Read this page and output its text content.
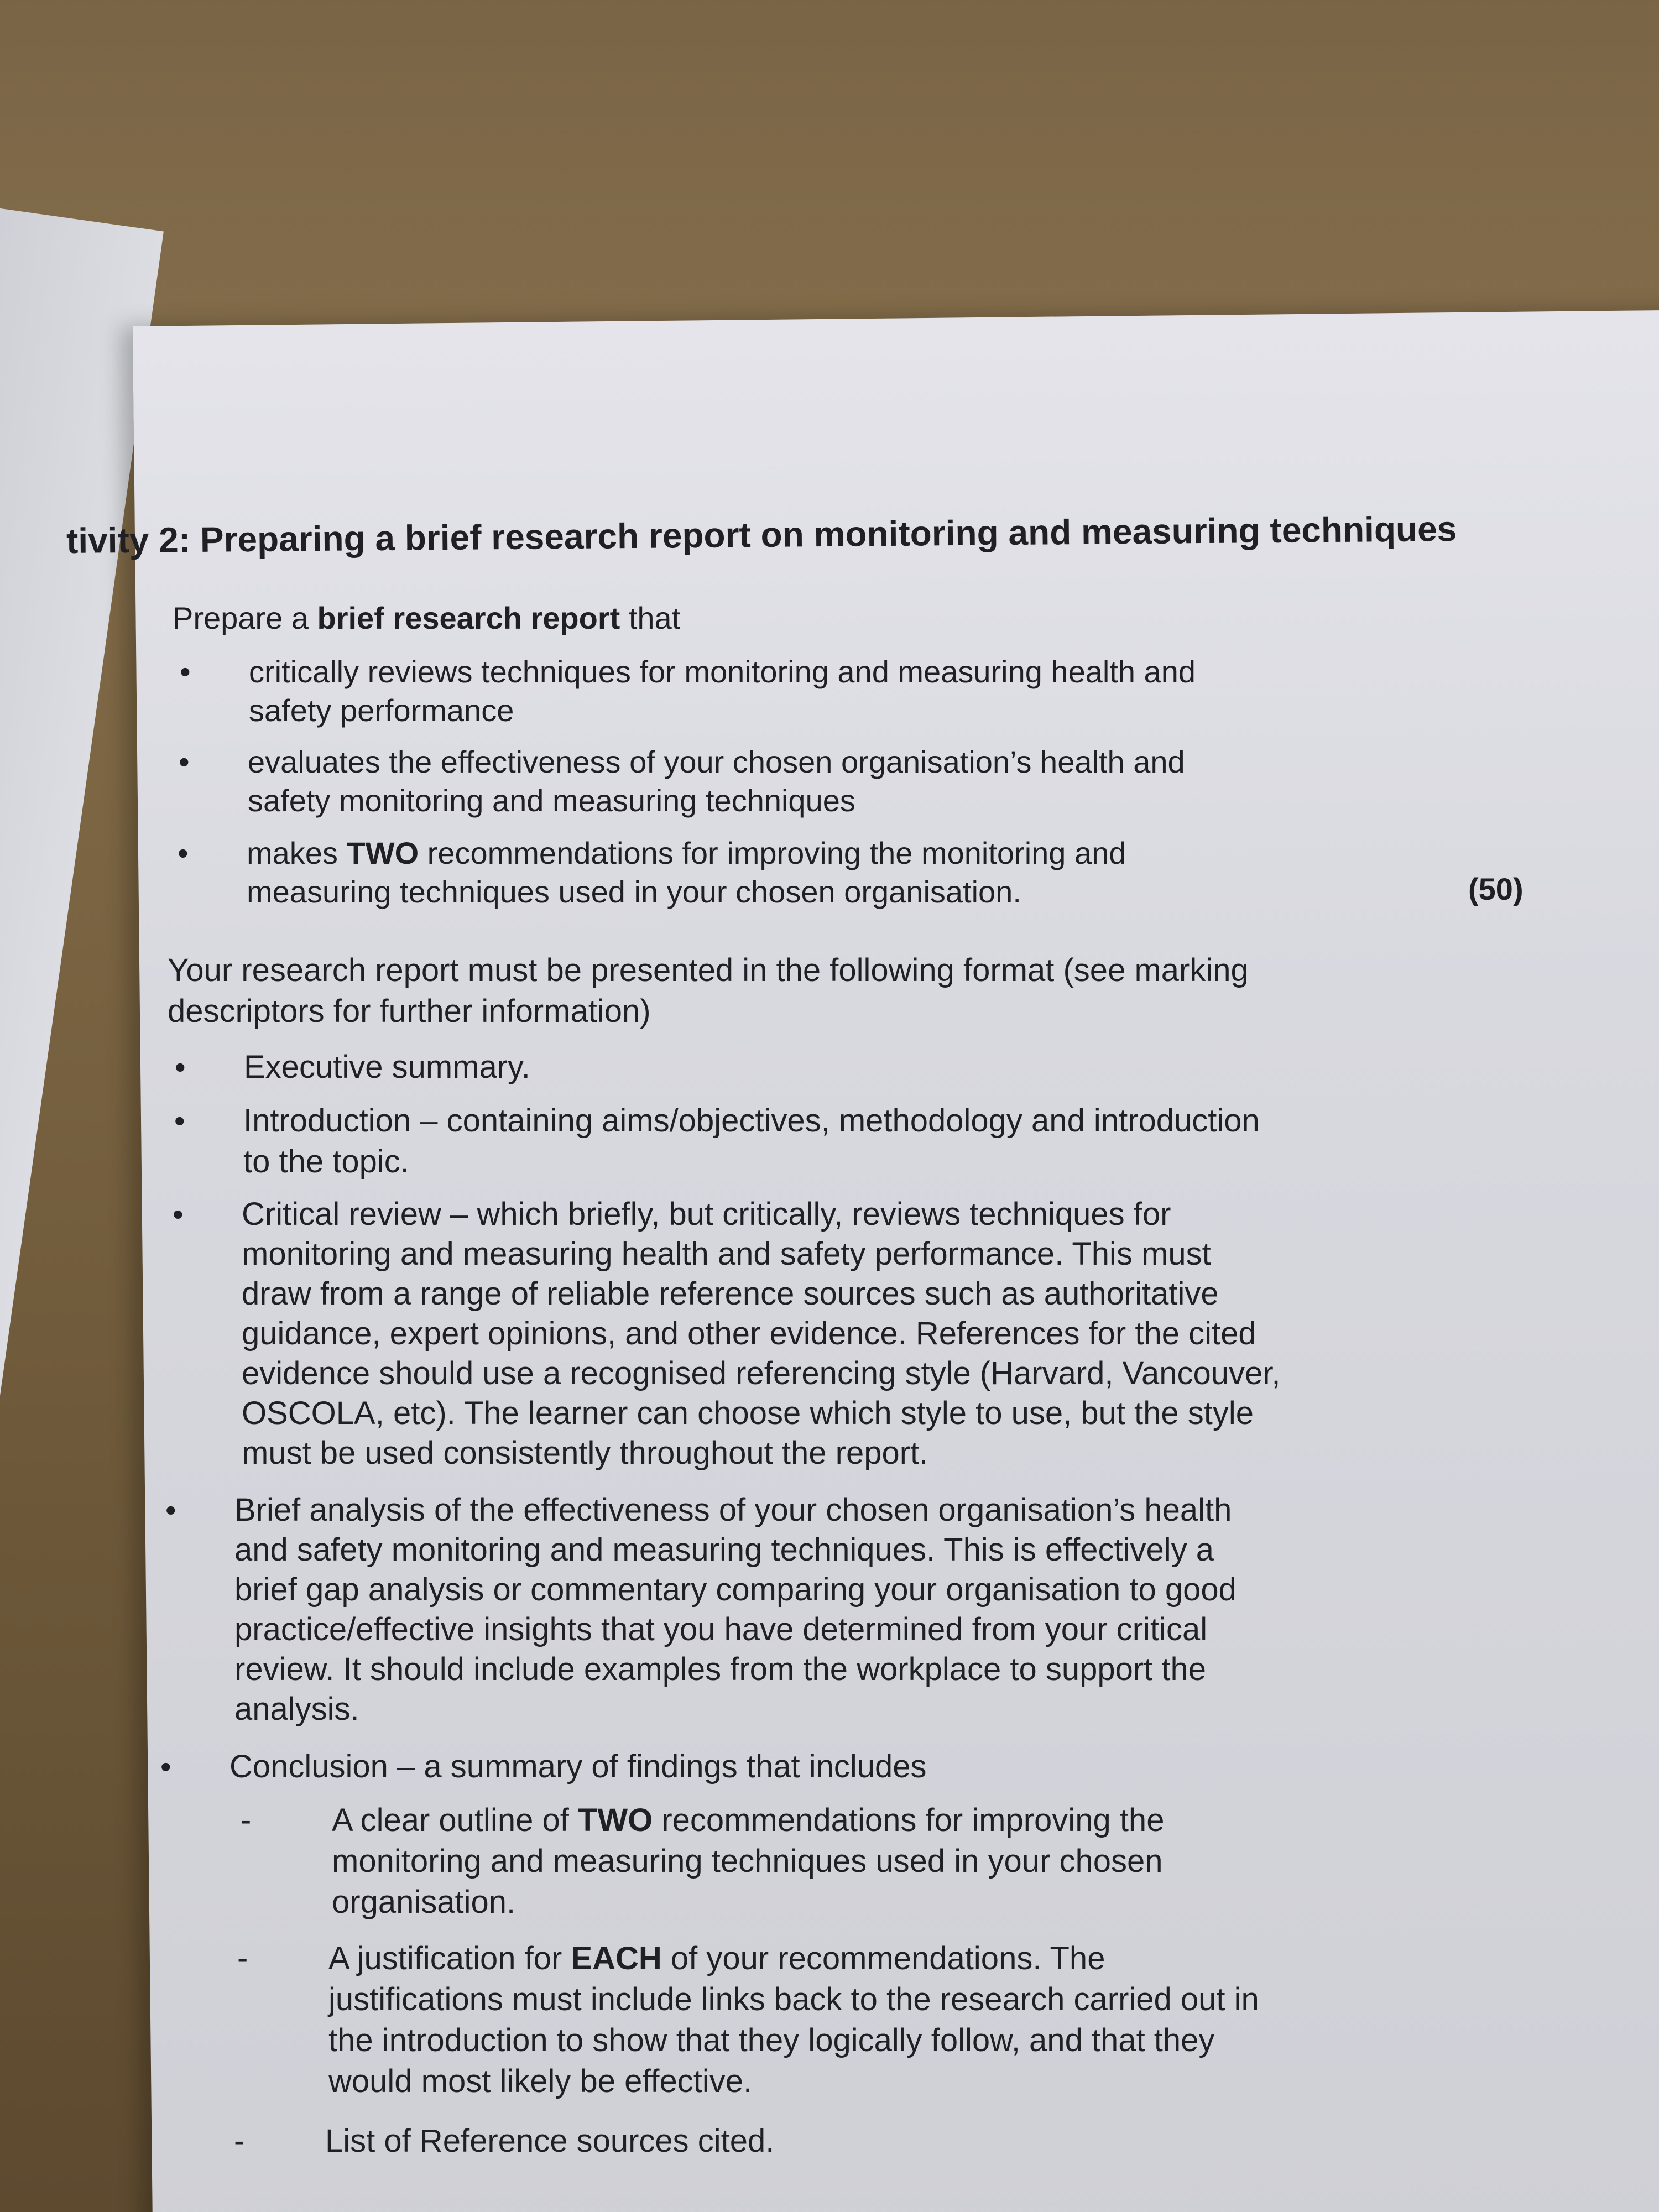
tivity 2: Preparing a brief research report on monitoring and measuring techniques
Prepare a brief research report that
• critically reviews techniques for monitoring and measuring health and
safety performance
• evaluates the effectiveness of your chosen organisation’s health and
safety monitoring and measuring techniques
• makes TWO recommendations for improving the monitoring and
measuring techniques used in your chosen organisation.	(50)
Your research report must be presented in the following format (see marking
descriptors for further information)
• Executive summary.
• Introduction – containing aims/objectives, methodology and introduction
to the topic.
• Critical review – which briefly, but critically, reviews techniques for
monitoring and measuring health and safety performance. This must
draw from a range of reliable reference sources such as authoritative
guidance, expert opinions, and other evidence. References for the cited
evidence should use a recognised referencing style (Harvard, Vancouver,
OSCOLA, etc). The learner can choose which style to use, but the style
must be used consistently throughout the report.
• Brief analysis of the effectiveness of your chosen organisation’s health
and safety monitoring and measuring techniques. This is effectively a
brief gap analysis or commentary comparing your organisation to good
practice/effective insights that you have determined from your critical
review. It should include examples from the workplace to support the
analysis.
• Conclusion – a summary of findings that includes
-	A clear outline of TWO recommendations for improving the
monitoring and measuring techniques used in your chosen
organisation.
-	A justification for EACH of your recommendations. The
justifications must include links back to the research carried out in
the introduction to show that they logically follow, and that they
would most likely be effective.
-	List of Reference sources cited.
